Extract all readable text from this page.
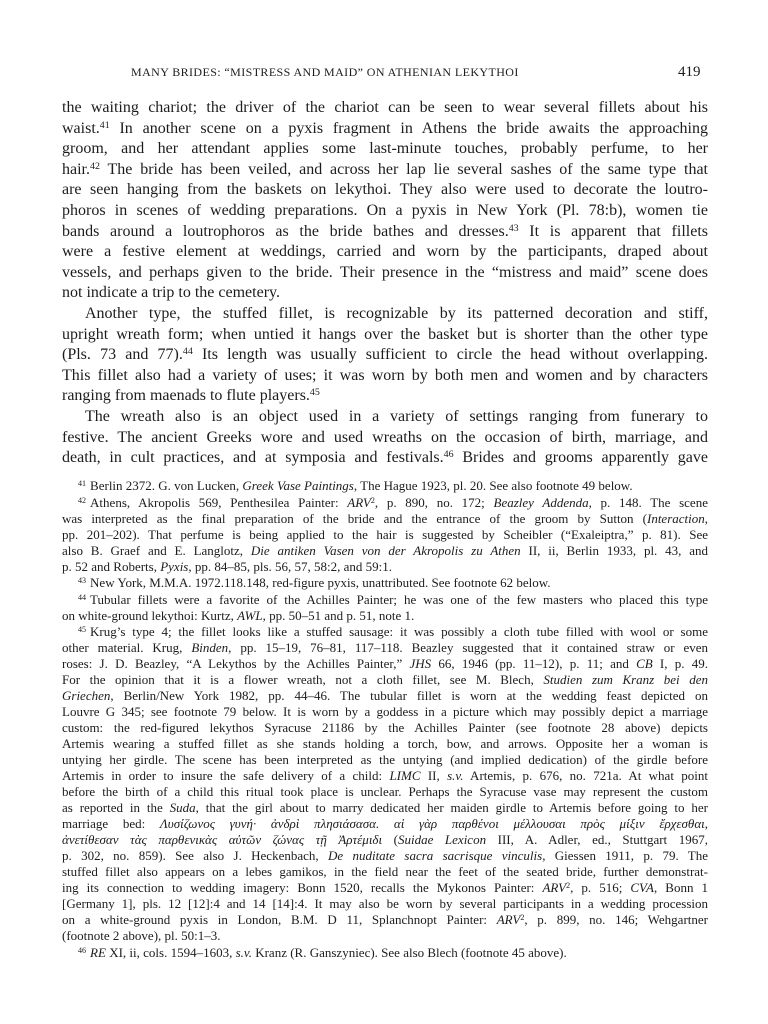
MANY BRIDES: “MISTRESS AND MAID” ON ATHENIAN LEKYTHOI	419
the waiting chariot; the driver of the chariot can be seen to wear several fillets about his
waist.$^{41}$ In another scene on a pyxis fragment in Athens the bride awaits the approaching
groom, and her attendant applies some last-minute touches, probably perfume, to her
hair.$^{42}$ The bride has been veiled, and across her lap lie several sashes of the same type that
are seen hanging from the baskets on lekythoi. They also were used to decorate the loutro-
phoros in scenes of wedding preparations. On a pyxis in New York (Pl. 78:b), women tie
bands around a loutrophoros as the bride bathes and dresses.$^{43}$ It is apparent that fillets
were a festive element at weddings, carried and worn by the participants, draped about
vessels, and perhaps given to the bride. Their presence in the “mistress and maid” scene does
not indicate a trip to the cemetery.
Another type, the stuffed fillet, is recognizable by its patterned decoration and stiff,
upright wreath form; when untied it hangs over the basket but is shorter than the other type
(Pls. 73 and 77).$^{44}$ Its length was usually sufficient to circle the head without overlapping.
This fillet also had a variety of uses; it was worn by both men and women and by characters
ranging from maenads to flute players.$^{45}$
The wreath also is an object used in a variety of settings ranging from funerary to
festive. The ancient Greeks wore and used wreaths on the occasion of birth, marriage, and
death, in cult practices, and at symposia and festivals.$^{46}$ Brides and grooms apparently gave
$^{41}$ Berlin 2372. G. von Lucken, Greek Vase Paintings, The Hague 1923, pl. 20. See also footnote 49 below.
$^{42}$ Athens, Akropolis 569, Penthesilea Painter: ARV$^2$, p. 890, no. 172; Beazley Addenda, p. 148. The scene
was interpreted as the final preparation of the bride and the entrance of the groom by Sutton (Interaction,
pp. 201–202). That perfume is being applied to the hair is suggested by Scheibler (“Exaleiptra,” p. 81). See
also B. Graef and E. Langlotz, Die antiken Vasen von der Akropolis zu Athen II, ii, Berlin 1933, pl. 43, and
p. 52 and Roberts, Pyxis, pp. 84–85, pls. 56, 57, 58:2, and 59:1.
$^{43}$ New York, M.M.A. 1972.118.148, red-figure pyxis, unattributed. See footnote 62 below.
$^{44}$ Tubular fillets were a favorite of the Achilles Painter; he was one of the few masters who placed this type
on white-ground lekythoi: Kurtz, AWL, pp. 50–51 and p. 51, note 1.
$^{45}$ Krug’s type 4; the fillet looks like a stuffed sausage: it was possibly a cloth tube filled with wool or some
other material. Krug, Binden, pp. 15–19, 76–81, 117–118. Beazley suggested that it contained straw or even
roses: J. D. Beazley, “A Lekythos by the Achilles Painter,” JHS 66, 1946 (pp. 11–12), p. 11; and CB I, p. 49.
For the opinion that it is a flower wreath, not a cloth fillet, see M. Blech, Studien zum Kranz bei den
Griechen, Berlin/New York 1982, pp. 44–46. The tubular fillet is worn at the wedding feast depicted on
Louvre G 345; see footnote 79 below. It is worn by a goddess in a picture which may possibly depict a marriage
custom: the red-figured lekythos Syracuse 21186 by the Achilles Painter (see footnote 28 above) depicts
Artemis wearing a stuffed fillet as she stands holding a torch, bow, and arrows. Opposite her a woman is
untying her girdle. The scene has been interpreted as the untying (and implied dedication) of the girdle before
Artemis in order to insure the safe delivery of a child: LIMC II, s.v. Artemis, p. 676, no. 721a. At what point
before the birth of a child this ritual took place is unclear. Perhaps the Syracuse vase may represent the custom
as reported in the Suda, that the girl about to marry dedicated her maiden girdle to Artemis before going to her
marriage bed: Λυσίζωνος γυνή· ἀνδρὶ πλησιάσασα. αἱ γὰρ παρθένοι μέλλουσαι πρὸς μίξιν ἔρχεσθαι,
ἀνετίθεσαν τὰς παρθενικὰς αὐτῶν ζώνας τῇ Ἀρτέμιδι (Suidae Lexicon III, A. Adler, ed., Stuttgart 1967,
p. 302, no. 859). See also J. Heckenbach, De nuditate sacra sacrisque vinculis, Giessen 1911, p. 79. The
stuffed fillet also appears on a lebes gamikos, in the field near the feet of the seated bride, further demonstrat-
ing its connection to wedding imagery: Bonn 1520, recalls the Mykonos Painter: ARV$^2$, p. 516; CVA, Bonn 1
[Germany 1], pls. 12 [12]:4 and 14 [14]:4. It may also be worn by several participants in a wedding procession
on a white-ground pyxis in London, B.M. D 11, Splanchnopt Painter: ARV$^2$, p. 899, no. 146; Wehgartner
(footnote 2 above), pl. 50:1–3.
$^{46}$ RE XI, ii, cols. 1594–1603, s.v. Kranz (R. Ganszyniec). See also Blech (footnote 45 above).
